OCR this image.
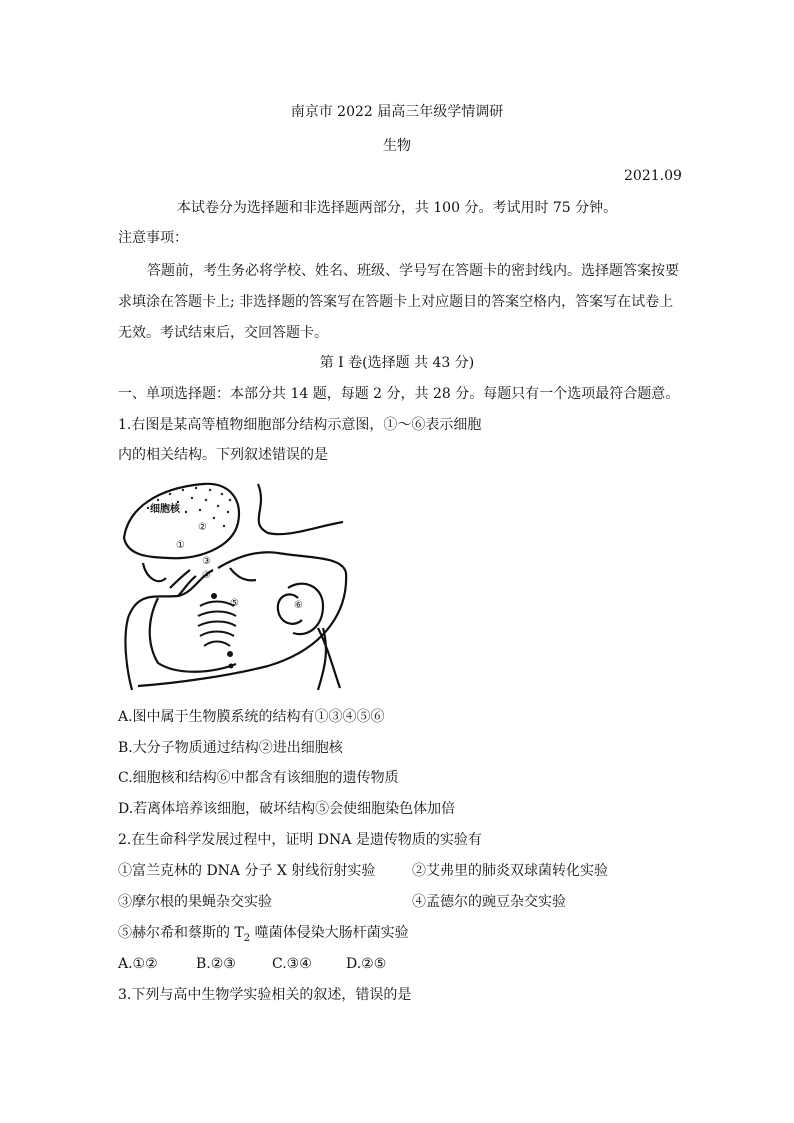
南京市 2022 届高三年级学情调研
生物
2021.09
本试卷分为选择题和非选择题两部分，共 100 分。考试用时 75 分钟。
注意事项：
答题前，考生务必将学校、姓名、班级、学号写在答题卡的密封线内。选择题答案按要
求填涂在答题卡上; 非选择题的答案写在答题卡上对应题目的答案空格内，答案写在试卷上
无效。考试结束后，交回答题卡。
第 I 卷(选择题 共 43 分)
一、单项选择题：本部分共 14 题，每题 2 分，共 28 分。每题只有一个选项最符合题意。
1.右图是某高等植物细胞部分结构示意图，①～⑥表示细胞
内的相关结构。下列叙述错误的是
细胞核
①
②
③
④
⑤	⑥
A.图中属于生物膜系统的结构有①③④⑤⑥
B.大分子物质通过结构②进出细胞核
C.细胞核和结构⑥中都含有该细胞的遗传物质
D.若离体培养该细胞，破坏结构⑤会使细胞染色体加倍
2.在生命科学发展过程中，证明 DNA 是遗传物质的实验有
①富兰克林的 DNA 分子 X 射线衍射实验	②艾弗里的肺炎双球菌转化实验
③摩尔根的果蝇杂交实验	④孟德尔的豌豆杂交实验
⑤赫尔希和蔡斯的 $T_2$ 噬菌体侵染大肠杆菌实验
A.①②	B.②③	C.③④ D.②⑤
3.下列与高中生物学实验相关的叙述，错误的是
